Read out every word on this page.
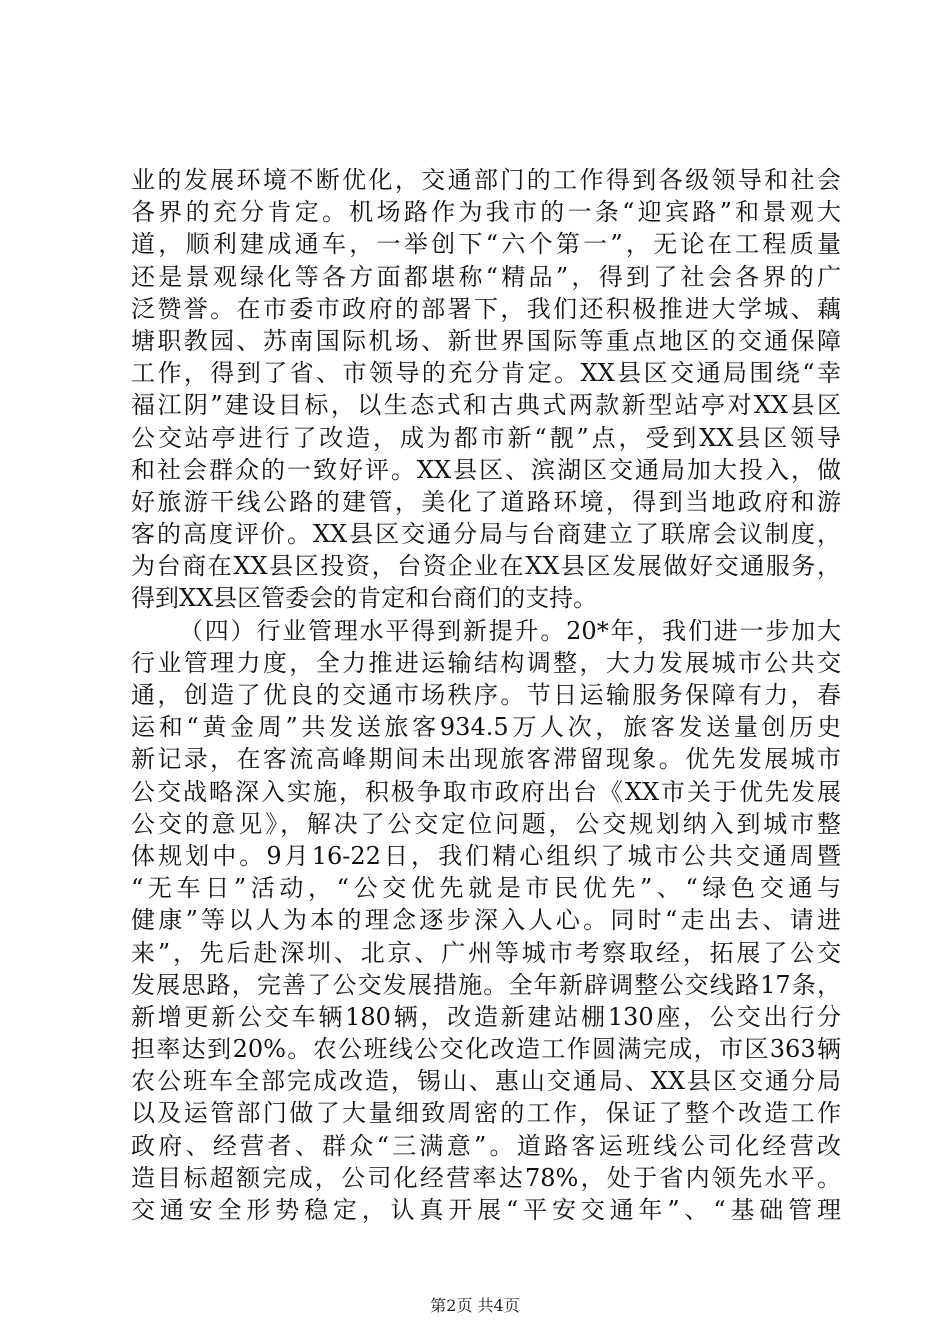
业的发展环境不断优化，交通部门的工作得到各级领导和社会
各界的充分肯定。机场路作为我市的一条“迎宾路”和景观大
道，顺利建成通车，一举创下“六个第一”，无论在工程质量
还是景观绿化等各方面都堪称“精品”，得到了社会各界的广
泛赞誉。在市委市政府的部署下，我们还积极推进大学城、藕
塘职教园、苏南国际机场、新世界国际等重点地区的交通保障
工作，得到了省、市领导的充分肯定。XX县区交通局围绕“幸
福江阴”建设目标，以生态式和古典式两款新型站亭对XX县区
公交站亭进行了改造，成为都市新“靓”点，受到XX县区领导
和社会群众的一致好评。XX县区、滨湖区交通局加大投入，做
好旅游干线公路的建管，美化了道路环境，得到当地政府和游
客的高度评价。XX县区交通分局与台商建立了联席会议制度，
为台商在XX县区投资，台资企业在XX县区发展做好交通服务，
得到XX县区管委会的肯定和台商们的支持。
（四）行业管理水平得到新提升。20*年，我们进一步加大
行业管理力度，全力推进运输结构调整，大力发展城市公共交
通，创造了优良的交通市场秩序。节日运输服务保障有力，春
运和“黄金周”共发送旅客934.5万人次，旅客发送量创历史
新记录，在客流高峰期间未出现旅客滞留现象。优先发展城市
公交战略深入实施，积极争取市政府出台《XX市关于优先发展
公交的意见》，解决了公交定位问题，公交规划纳入到城市整
体规划中。9月16-22日，我们精心组织了城市公共交通周暨
“无车日”活动，“公交优先就是市民优先”、“绿色交通与
健康”等以人为本的理念逐步深入人心。同时“走出去、请进
来”，先后赴深圳、北京、广州等城市考察取经，拓展了公交
发展思路，完善了公交发展措施。全年新辟调整公交线路17条，
新增更新公交车辆180辆，改造新建站棚130座，公交出行分
担率达到20%。农公班线公交化改造工作圆满完成，市区363辆
农公班车全部完成改造，锡山、惠山交通局、XX县区交通分局
以及运管部门做了大量细致周密的工作，保证了整个改造工作
政府、经营者、群众“三满意”。道路客运班线公司化经营改
造目标超额完成，公司化经营率达78%，处于省内领先水平。
交通安全形势稳定，认真开展“平安交通年”、“基础管理
第2页 共4页
